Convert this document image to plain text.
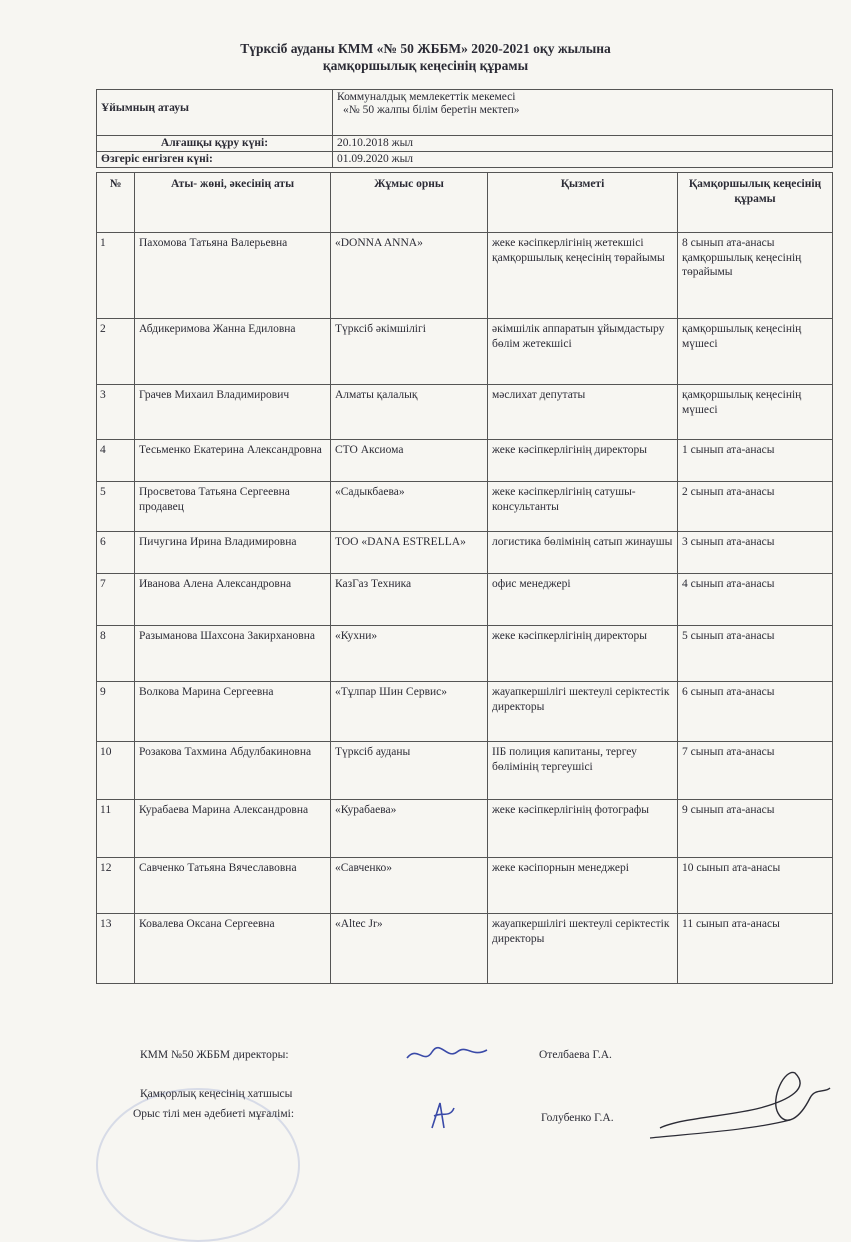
Түрксіб ауданы КММ «№ 50 ЖББМ» 2020-2021 оқу жылына
қамқоршылық кеңесінің құрамы
Ұйымның атауы	Коммуналдық мемлекеттік мекемесі
«№ 50 жалпы білім беретін мектеп»

Алғашқы құру күні:	20.10.2018 жыл
Өзгеріс енгізген күні:	01.09.2020 жыл
№	Аты- жөні, әкесінің аты	Жұмыс орны	Қызметі	Қамқоршылық кеңесінің құрамы
1	Пахомова Татьяна Валерьевна	«DONNA ANNA»	жеке кәсіпкерлігінің жетекшісі қамқоршылық кеңесінің төрайымы	8 сынып ата-анасы қамқоршылық кеңесінің төрайымы
2	Абдикеримова Жанна Едиловна	Түрксіб әкімшілігі	әкімшілік аппаратын ұйымдастыру бөлім жетекшісі	қамқоршылық кеңесінің мүшесі
3	Грачев Михаил Владимирович	Алматы қалалық	мәслихат депутаты	қамқоршылық кеңесінің мүшесі
4	Тесьменко Екатерина Александровна	СТО Аксиома	жеке кәсіпкерлігінің директоры	1 сынып ата-анасы
5	Просветова Татьяна Сергеевна продавец	«Садыкбаева»	жеке кәсіпкерлігінің сатушы- консультанты	2 сынып ата-анасы
6	Пичугина Ирина Владимировна	ТОО «DANA ESTRELLA»	логистика бөлімінің сатып жинаушы	3 сынып ата-анасы
7	Иванова Алена Александровна	КазГаз Техника	офис менеджері	4 сынып ата-анасы
8	Разыманова Шахсона Закирхановна	«Кухни»	жеке кәсіпкерлігінің директоры	5 сынып ата-анасы
9	Волкова Марина Сергеевна	«Тұлпар Шин Сервис»	жауапкершілігі шектеулі серіктестік директоры	6 сынып ата-анасы
10	Розакова Тахмина Абдулбакиновна	Түрксіб ауданы	ІІБ полиция капитаны, тергеу бөлімінің тергеушісі	7 сынып ата-анасы
11	Курабаева Марина Александровна	«Курабаева»	жеке кәсіпкерлігінің фотографы	9 сынып ата-анасы
12	Савченко Татьяна Вячеславовна	«Савченко»	жеке кәсіпорнын менеджері	10 сынып ата-анасы
13	Ковалева Оксана Сергеевна	«Altec Jr»	жауапкершілігі шектеулі серіктестік директоры	11 сынып ата-анасы
КММ №50 ЖББМ директоры:	Отелбаева Г.А.
Қамқорлық кеңесінің хатшысы
Орыс тілі мен әдебиеті мұғалімі:	Голубенко Г.А.
